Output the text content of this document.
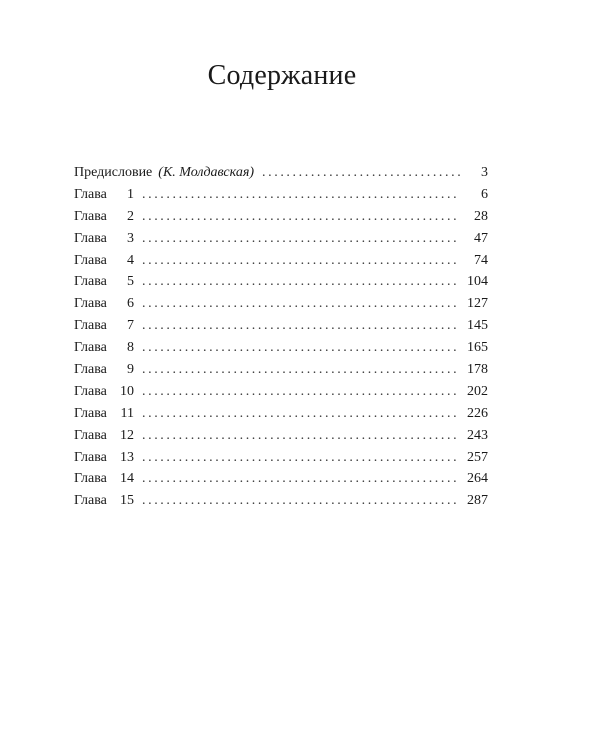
Содержание
Предисловие (К. Молдавская) .....	3
Глава	1 .....	6
Глава	2 .....	28
Глава	3 .....	47
Глава	4 .....	74
Глава	5 .....	104
Глава	6 .....	127
Глава	7 .....	145
Глава	8 .....	165
Глава	9 .....	178
Глава 10 .....	202
Глава 11 .....	226
Глава 12 .....	243
Глава 13 .....	257
Глава 14 .....	264
Глава 15 .....	287
